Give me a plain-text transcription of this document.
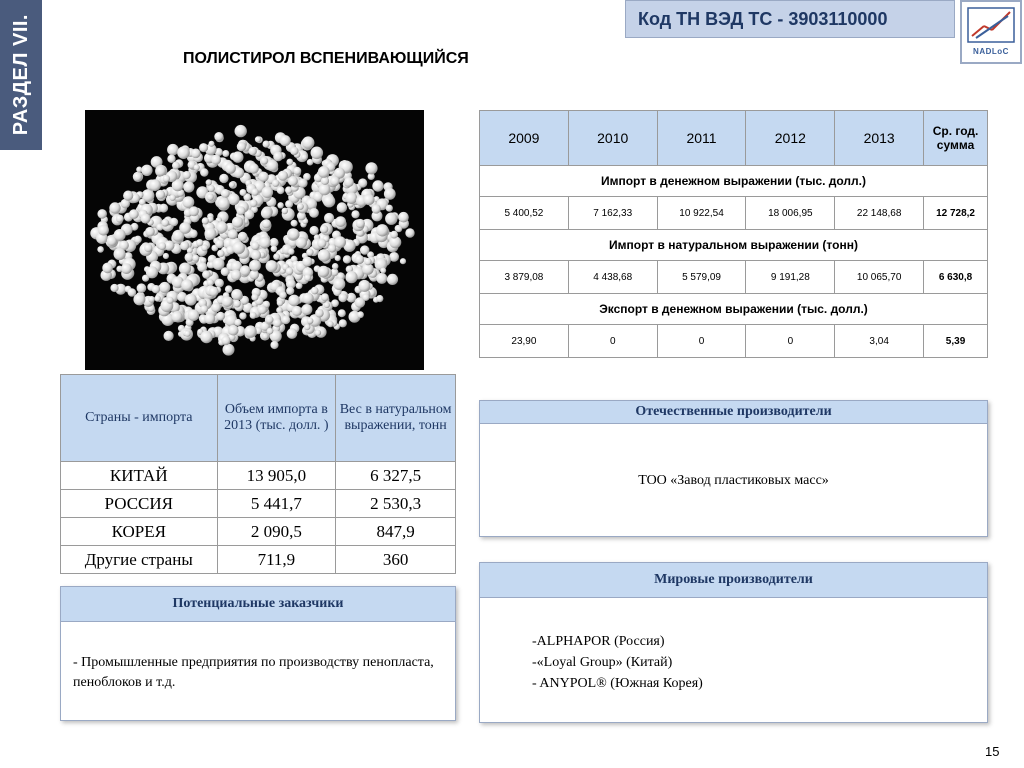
РАЗДЕЛ VII.	Код ТН ВЭД ТС - 3903110000
NADLoC
ПОЛИСТИРОЛ ВСПЕНИВАЮЩИЙСЯ
2009	2010	2011	2012	2013	Ср. год. сумма
Импорт в денежном выражении (тыс. долл.)					
5 400,52	7 162,33	10 922,54	18 006,95	22 148,68	12 728,2
Импорт в натуральном выражении (тонн)					
3 879,08	4 438,68	5 579,09	9 191,28	10 065,70	6 630,8
Экспорт в денежном выражении (тыс. долл.)					
23,90	0	0	0	3,04	5,39
Страны - импорта	Объем импорта в 2013 (тыс. долл. )	Вес в натуральном выражении, тонн
КИТАЙ	13 905,0	6 327,5
РОССИЯ	5 441,7	2 530,3
КОРЕЯ	2 090,5	847,9
Другие страны	711,9	360
Отечественные производители
ТОО «Завод пластиковых масс»
Потенциальные заказчики
- Промышленные предприятия по производству пенопласта, пеноблоков и т.д.
Мировые производители
-ALPHAPOR (Россия)
-«Loyal Group» (Китай)
- ANYPOL® (Южная Корея)
15
